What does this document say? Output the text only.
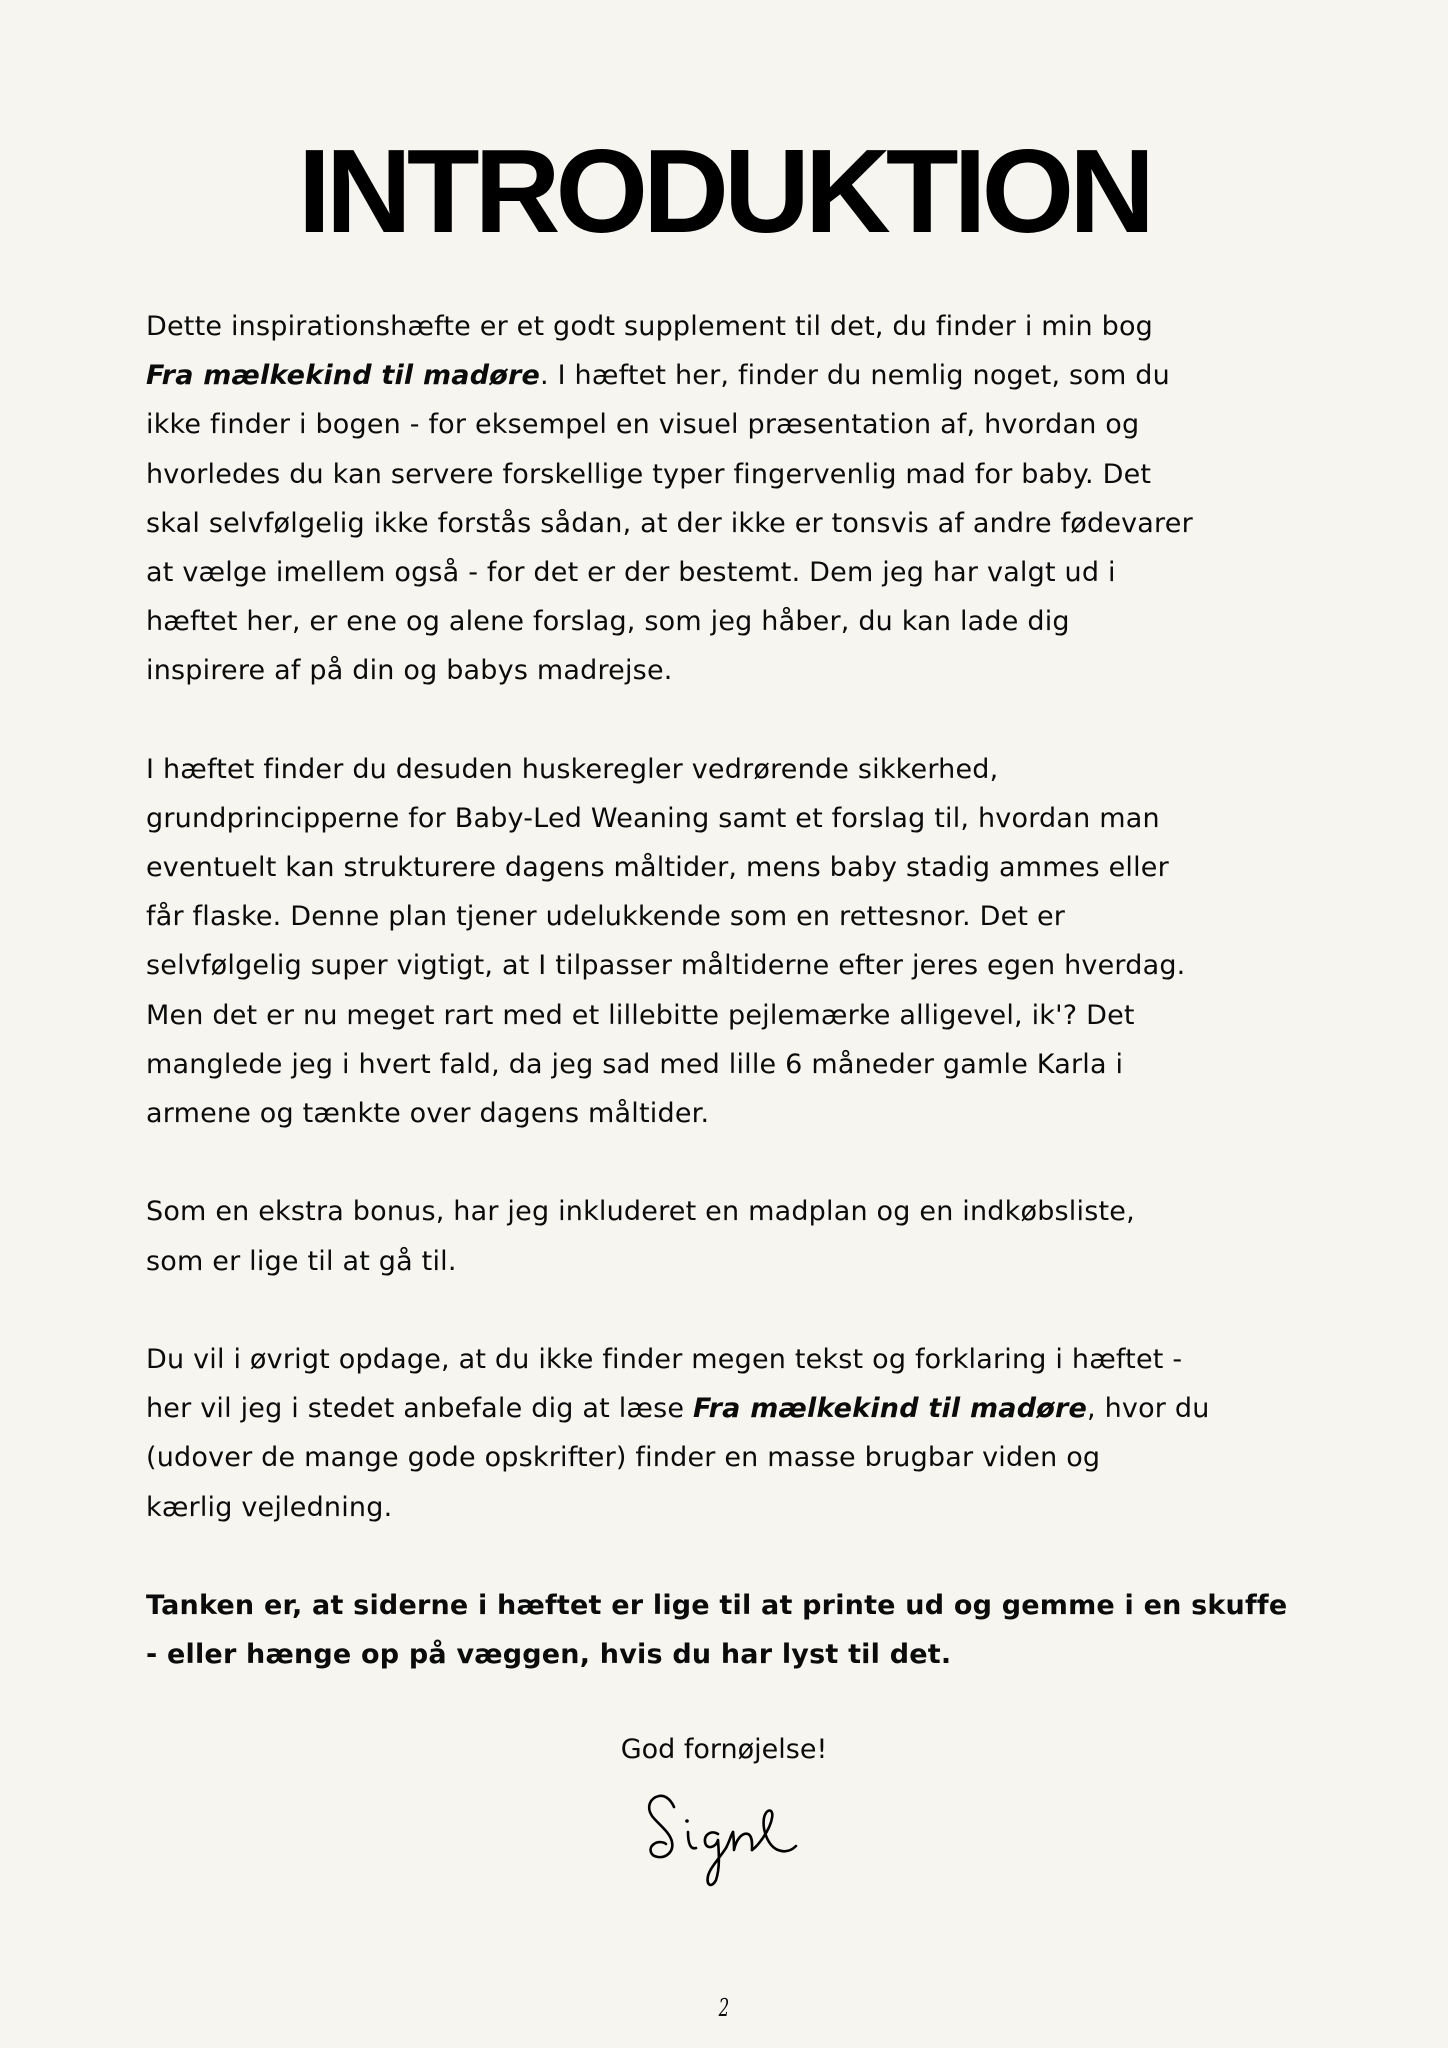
INTRODUKTION
Dette inspirationshæfte er et godt supplement til det, du finder i min bog
Fra mælkekind til madøre. I hæftet her, finder du nemlig noget, som du
ikke finder i bogen - for eksempel en visuel præsentation af, hvordan og
hvorledes du kan servere forskellige typer fingervenlig mad for baby. Det
skal selvfølgelig ikke forstås sådan, at der ikke er tonsvis af andre fødevarer
at vælge imellem også - for det er der bestemt. Dem jeg har valgt ud i
hæftet her, er ene og alene forslag, som jeg håber, du kan lade dig
inspirere af på din og babys madrejse.
I hæftet finder du desuden huskeregler vedrørende sikkerhed,
grundprincipperne for Baby-Led Weaning samt et forslag til, hvordan man
eventuelt kan strukturere dagens måltider, mens baby stadig ammes eller
får flaske. Denne plan tjener udelukkende som en rettesnor. Det er
selvfølgelig super vigtigt, at I tilpasser måltiderne efter jeres egen hverdag.
Men det er nu meget rart med et lillebitte pejlemærke alligevel, ik'? Det
manglede jeg i hvert fald, da jeg sad med lille 6 måneder gamle Karla i
armene og tænkte over dagens måltider.
Som en ekstra bonus, har jeg inkluderet en madplan og en indkøbsliste,
som er lige til at gå til.
Du vil i øvrigt opdage, at du ikke finder megen tekst og forklaring i hæftet -
her vil jeg i stedet anbefale dig at læse Fra mælkekind til madøre, hvor du
(udover de mange gode opskrifter) finder en masse brugbar viden og
kærlig vejledning.
Tanken er, at siderne i hæftet er lige til at printe ud og gemme i en skuffe
- eller hænge op på væggen, hvis du har lyst til det.

God fornøjelse!

2
